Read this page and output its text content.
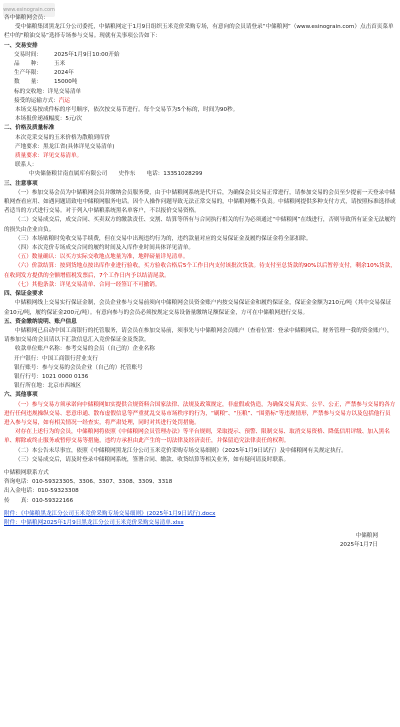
www.esinograin.com
各中储粮网会员：
受中储粮集团黑龙江分公司委托，中储粮网定于1月9日组织玉米竞价采购专场，有意向的会员请登录“中储粮网”（www.esinograin.com）点击首页菜单栏中的“粮油交易”选择专场参与交易。现就有关事项公告如下：
一、交易安排
交易时间： 2025年1月9日10:00开始
品　　种： 玉米
生产年限： 2024年
数　　量： 15000吨
标的交收地：详见交易清单
接受的运输方式：汽运
本场交易按成件标的序号顺序，依次按交易节进行。每个交易节为5个标的，时间为90秒。
本场报价递减幅度：5元/次
二、价格及质量标准
本次竞采交易的玉米价格为散粮到库价
产地要求：黑龙江省(具体详见交易清单)
质量要求：详见交易清单。
联系人：
中央储备粮甘南直属库有限公司　　史作东　　电话：13351028299
三、注意事项
（一）参加交易会员为中储粮网会员并缴纳会员服务费，由于中储粮网系统是代开后，为确保会员交易正常进行，请参加交易的会员至少提前一天登录中储粮网查看应用、如遇问题请致电中储粮网服务电话。因个人操作问题导致无法正常交易的，中储粮网概不负责。中储粮网提供多种支付方式，请按照标准选择或者适当的方式进行交易。对于列入中储粮系统黑名单客户，不以报价交易资格。
（二）交易成交后，成交合同、买卖双方的缴款责任、交割、结算等所有与合同执行相关的行为必须通过“中储粮网”在线进行，否则导致所有证金无法履约的损失由企业自负。
（三）本场贴粮时免收交易手续费，但在交易中出现违约行为的，违约款量对应的交易保证金及履约保证金将全部扣除。
（四）本次竞价专场成交合同的履约时间及入库作业时间具体详见清单。
（五）数量确认：以买方实际交收地点地量为准，地秤磅量详见清单。
（六）价款结算：按到货地点按出库作业进行验收，买方验收合格后5个工作日内支付该批次货款。待支付至总货款的90%以后暂停支付，剩余10%货款，在收到发方提供的全额增值税发票后，7个工作日内予以结清尾款。
（七）其他条款：详见交易清单、合同一经签订不可撤销。
四、保证金要求
中储粮网线上交易实行保证金制，会员企业参与交易前须向中储粮网会员资金账户内按交易保证金和履约保证金，保证金金额为210元/吨（其中交易保证金10元/吨，履约保证金200元/吨）。有意向参与的会员必须按规定交易设备量缴纳足额保证金，方可在中储粮网进行交易。
五、资金缴纳说明、账户信息
中储粮网已启动中国工商银行的托管服务，请会员在参加交易前，须事先与中储粮网会员账户（查看位置：登录中储粮网后，财务管理一我的资金账户），请参加交易的会员请以下汇款信息汇入竞价保证金及货款。
收款单位账户名称：参考交易的会员（自己的）企业名称
开户银行：中国工商银行营业支行
银行账号：参与交易的会员企业（自己的）托管账号
银行行号：1021 0000 0136
银行所在地：北京市西城区
六、其他事项
（一）参与交易方须承诺向中储粮网如实提供合规资料合国家法律、法规及政策规定，非虚假或伪造，为确保交易真实、公平、公正，严禁参与交易的各方进行任何违规操纵交易、恶意串通、散布虚假信息等严重扰乱交易市场秩序的行为，“刷粮”、“压粮”、“围猎标”等违规情形，严禁参与交易方以及包括他行员进入参与交易，如有相关情况一经查实，将严肃处理，同时对其进行处罚措施。
对存在上述行为的会员，中储粮网将依照《中储粮网会员管理办法》等平台规则，采取提示、预警、限制交易、取消交易资格、降低信用评级、加入黑名单、解除或终止服务或暂停交易等措施，违约方承担由此产生的一切法律及经济责任，并保留追究法律责任的权利。
（二）本公告未尽事宜，依照《中储粮网黑龙江分公司玉米竞价采购专场交易细则》（2025年1月9日试行）及中储粮网有关规定执行。
（三）交易成交后，请及时登录中储粮网系统，签署合同、缴款、收货结算等相关业务，如有疑问请及时联系。
中储粮网联系方式
咨询电话：010-59323305、3306、3307、3308、3309、3318
出入金电话：010-59323308
传　　真：010-59322166
附件：《中储粮黑龙江分公司玉米竞价采购专场交易细则》(2025年1月9日试行).docx
附件：中储粮网2025年1月9日黑龙江分公司玉米竞价采购交易清单.xlsx
中储粮网
2025年1月7日
